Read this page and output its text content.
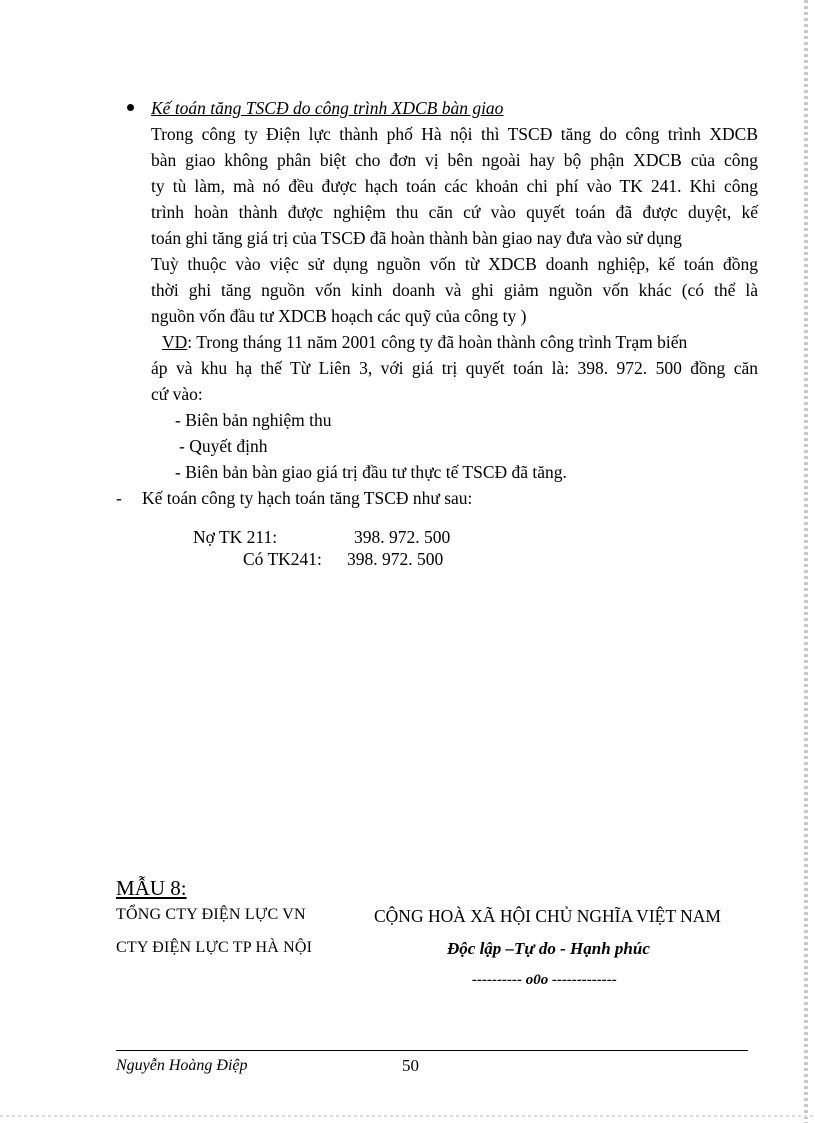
Kế toán tăng TSCĐ do công trình XDCB bàn giao
Trong công ty Điện lực thành phố Hà nội thì TSCĐ tăng do công trình XDCB
bàn giao không phân biệt cho đơn vị bên ngoài hay bộ phận XDCB của công
ty tù làm, mà nó đều được hạch toán các khoản chi phí vào TK 241. Khi công
trình hoàn thành được nghiệm thu căn cứ vào quyết toán đã được duyệt, kế
toán ghi tăng giá trị của TSCĐ đã hoàn thành bàn giao nay đưa vào sử dụng
Tuỳ thuộc vào việc sử dụng nguồn vốn từ XDCB doanh nghiệp, kế toán đồng
thời ghi tăng nguồn vốn kinh doanh và ghi giảm nguồn vốn khác (có thể là
nguồn vốn đầu tư XDCB hoạch các quỹ của công ty )
VD: Trong tháng 11 năm 2001 công ty đã hoàn thành công trình Trạm biến
áp và khu hạ thế Từ Liên 3, với giá trị quyết toán là: 398. 972. 500 đồng căn
cứ vào:
- Biên bản nghiệm thu
- Quyết định
- Biên bản bàn giao giá trị đầu tư thực tế TSCĐ đã tăng.
- Kế toán công ty hạch toán tăng TSCĐ như sau:
Nợ TK 211:	398. 972. 500
Có TK241: 398. 972. 500
MẪU 8:
TỔNG CTY ĐIỆN LỰC VN
CTY ĐIỆN LỰC TP HÀ NỘI
CỘNG HOÀ XÃ HỘI CHỦ NGHĨA VIỆT NAM
Độc lập –Tự do - Hạnh phúc
---------- o0o -------------
Nguyễn Hoàng Điệp	50
